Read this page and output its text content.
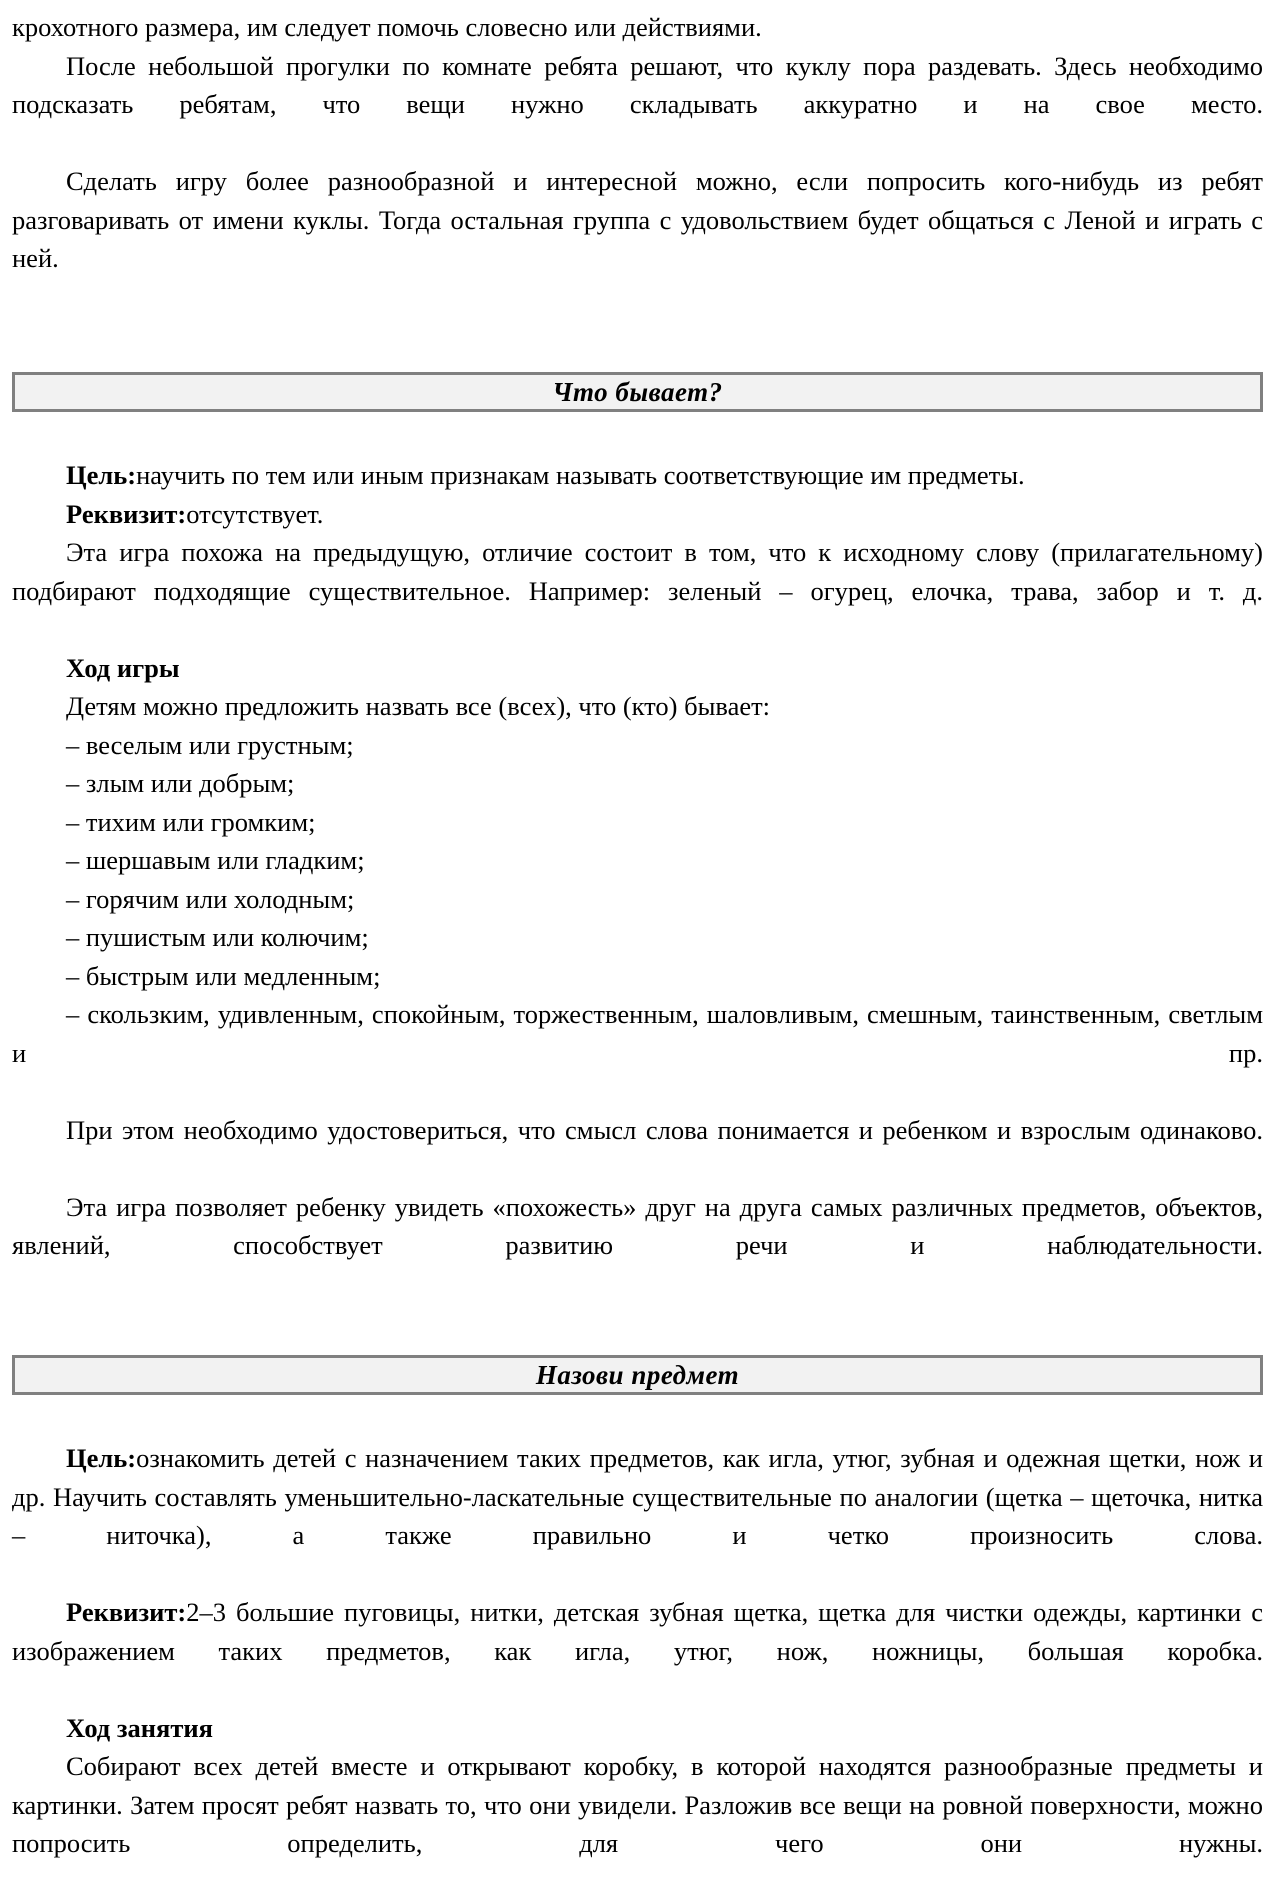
крохотного размера, им следует помочь словесно или действиями.

После небольшой прогулки по комнате ребята решают, что куклу пора раздевать. Здесь необходимо подсказать ребятам, что вещи нужно складывать аккуратно и на свое место.

Сделать игру более разнообразной и интересной можно, если попросить кого-нибудь из ребят разговаривать от имени куклы. Тогда остальная группа с удовольствием будет общаться с Леной и играть с ней.

Что бывает?

Цель:научить по тем или иным признакам называть соответствующие им предметы.

Реквизит:отсутствует.

Эта игра похожа на предыдущую, отличие состоит в том, что к исходному слову (прилагательному) подбирают подходящие существительное. Например: зеленый – огурец, елочка, трава, забор и т. д.

Ход игры

Детям можно предложить назвать все (всех), что (кто) бывает:

– веселым или грустным;

– злым или добрым;

– тихим или громким;

– шершавым или гладким;

– горячим или холодным;

– пушистым или колючим;

– быстрым или медленным;

– скользким, удивленным, спокойным, торжественным, шаловливым, смешным, таинственным, светлым и пр.

При этом необходимо удостовериться, что смысл слова понимается и ребенком и взрослым одинаково.

Эта игра позволяет ребенку увидеть «похожесть» друг на друга самых различных предметов, объектов, явлений, способствует развитию речи и наблюдательности.

Назови предмет

Цель:ознакомить детей с назначением таких предметов, как игла, утюг, зубная и одежная щетки, нож и др. Научить составлять уменьшительно-ласкательные существительные по аналогии (щетка – щеточка, нитка – ниточка), а также правильно и четко произносить слова.

Реквизит:2–3 большие пуговицы, нитки, детская зубная щетка, щетка для чистки одежды, картинки с изображением таких предметов, как игла, утюг, нож, ножницы, большая коробка.

Ход занятия

Собирают всех детей вместе и открывают коробку, в которой находятся разнообразные предметы и картинки. Затем просят ребят назвать то, что они увидели. Разложив все вещи на ровной поверхности, можно попросить определить, для чего они нужны.
